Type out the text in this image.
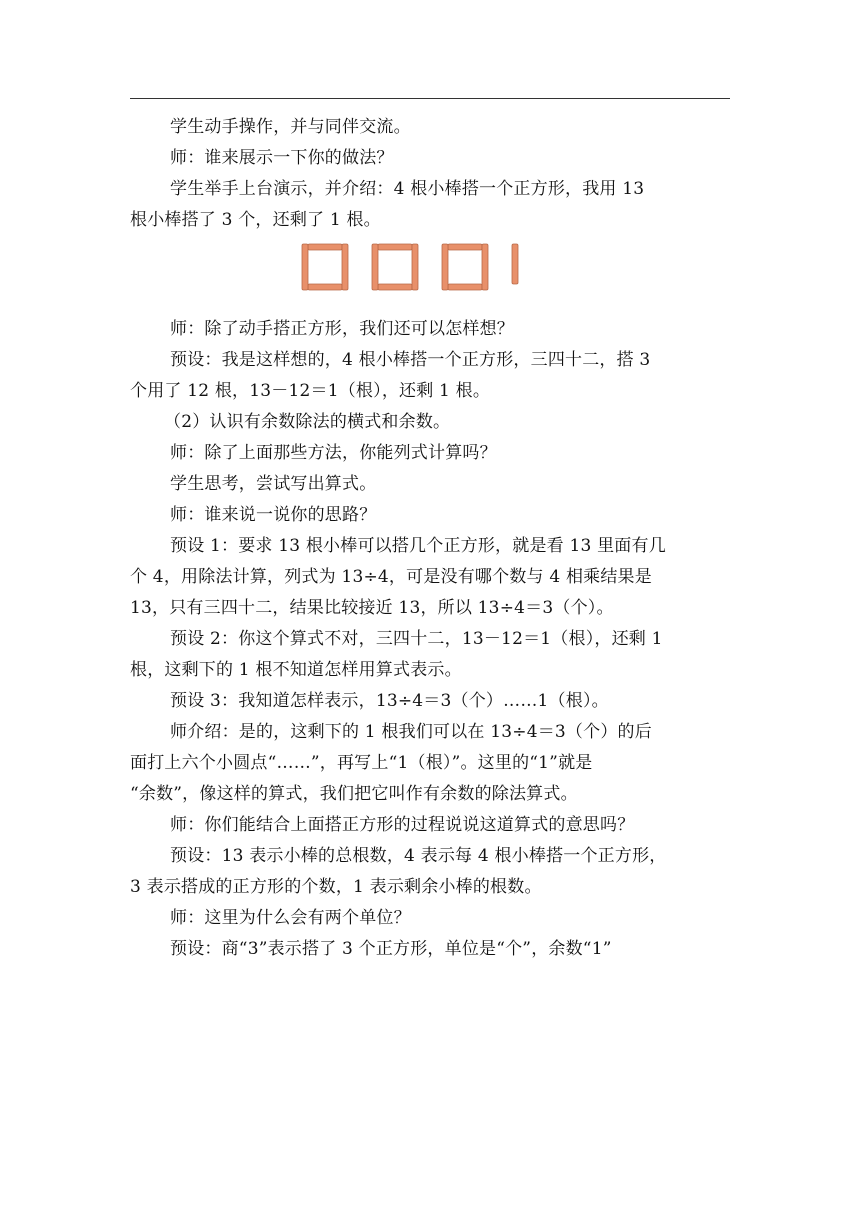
学生动手操作，并与同伴交流。

师：谁来展示一下你的做法？

学生举手上台演示，并介绍：4 根小棒搭一个正方形，我用 13
根小棒搭了 3 个，还剩了 1 根。

师：除了动手搭正方形，我们还可以怎样想？

预设：我是这样想的，4 根小棒搭一个正方形，三四十二，搭 3
个用了 12 根，13－12＝1（根），还剩 1 根。

（2）认识有余数除法的横式和余数。

师：除了上面那些方法，你能列式计算吗？

学生思考，尝试写出算式。

师：谁来说一说你的思路？

预设 1：要求 13 根小棒可以搭几个正方形，就是看 13 里面有几
个 4，用除法计算，列式为 13÷4，可是没有哪个数与 4 相乘结果是
13，只有三四十二，结果比较接近 13，所以 13÷4＝3（个）。

预设 2：你这个算式不对，三四十二，13－12＝1（根），还剩 1
根，这剩下的 1 根不知道怎样用算式表示。

预设 3：我知道怎样表示，13÷4＝3（个）……1（根）。

师介绍：是的，这剩下的 1 根我们可以在 13÷4＝3（个）的后
面打上六个小圆点“……”，再写上“1（根）”。这里的“1”就是
“余数”，像这样的算式，我们把它叫作有余数的除法算式。

师：你们能结合上面搭正方形的过程说说这道算式的意思吗？

预设：13 表示小棒的总根数，4 表示每 4 根小棒搭一个正方形，
3 表示搭成的正方形的个数，1 表示剩余小棒的根数。

师：这里为什么会有两个单位？

预设：商“3”表示搭了 3 个正方形，单位是“个”，余数“1”
